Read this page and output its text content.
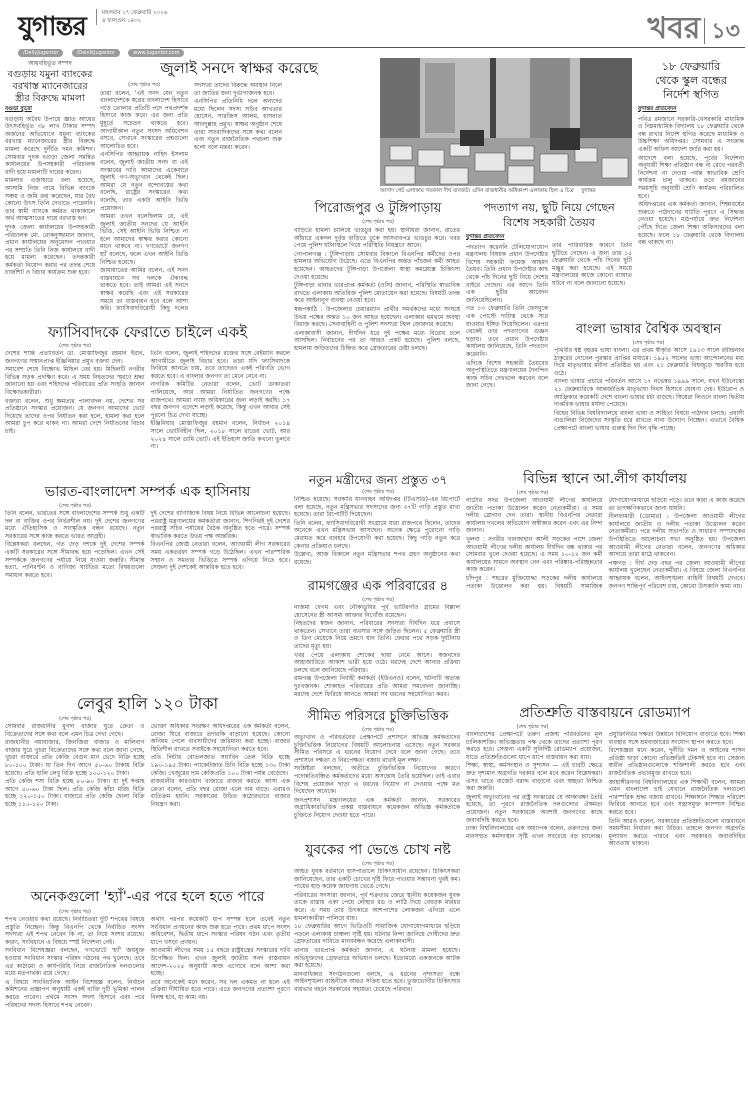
যুগান্তর	মঙ্গলবার ১৭ ফেব্রুয়ারি ২০২৬
৪ ফাল্গুন ১৪৩২
/DailyJugantor	/DainikJugantor	www.jugantor.com
খবর ১৩
আয়বহির্ভূত সম্পদ
বগুড়ায় যমুনা ব্যাংকের
বরখাস্ত ম্যানেজারের
স্ত্রীর বিরুদ্ধে মামলা
বগুড়া ব্যুরো

বগুড়ায় অবৈধ উপায়ে জ্ঞাত আয়ের উৎসবহির্ভূত ৩৮ লাখ টাকার সম্পদ অর্জনের অভিযোগে যমুনা ব্যাংকের বরখাস্ত ম্যানেজারের স্ত্রীর বিরুদ্ধে মামলা করেছে দুর্নীতি দমন কমিশন। সোমবার দুদক বগুড়া জেলা সমন্বিত কার্যালয়ের উপসহকারী পরিচালক বাদী হয়ে মামলাটি দায়ের করেন।

মামলার এজাহারে বলা হয়েছে, আসামি নিজ নামে বিভিন্ন ব্যাংকে সঞ্চয় ও জমি ক্রয় করেছেন, যার বৈধ কোনো উৎস তিনি দেখাতে পারেননি। তার স্বামী ব্যাংকে কর্মরত থাকাকালে অর্থ আত্মসাতের দায়ে বরখাস্ত হন।

দুদক জেলা কার্যালয়ের উপসহকারী পরিচালক মো. রোকনুজ্জামান জানান, প্রধান কার্যালয়ের অনুমোদন পাওয়ার পর সম্প্রতি তিনি নিজ কার্যালয়ে বাদী হয়ে মামলা করেছেন। তদন্তকারী কর্মকর্তা নিয়োগ করার পর তদন্ত শেষে চার্জশিট ও বিচার কার্যক্রম শুরু হবে।

জুলাই সনদে স্বাক্ষর করেছে
(শেষ পৃষ্ঠার পর)

তারা বলেন, 'এই সনদ যেন নতুন বাংলাদেশকে স্বপ্নের বাংলাদেশ হিসাবে গড়ে তোলার প্রতিটি পদে পথপ্রদর্শক হিসাবে কাজ করে। এর জন্য প্রতি মুহূর্তে সচেতন থাকতে হবে। আগামীকাল নতুন সংসদ অধিবেশন বসবে, সেখানে সংস্কারের প্রশ্নগুলো আলোচিত হবে।

এনসিপির আহ্বায়ক নাহিদ ইসলাম বলেন, জুলাই জাতীয় সনদ বা এই সংস্কারের দাবি আমাদের একেবারে জুলাই গণ-অভ্যুত্থান থেকেই ছিল। আমরা যে নতুন বন্দোবস্তের কথা বলেছি, রাষ্ট্রের সংস্কারের কথা বলেছি, তার একটা আইনি ভিত্তি প্রয়োজন।

আমরা তখন বলেছিলাম যে, এই জুলাই জাতীয় সনদের যে আইনি ভিত্তি, সেই আইনি ভিত্তি নিশ্চিত না হলে আমাদের স্বাক্ষর করার কোনো মানে থাকবে না। গণভোটে জনগণ হ্যাঁ বলেছে, ফলে এখন আইনি ভিত্তি নিশ্চিত হয়েছে।

জামায়াতের আমির বলেন, এই সনদ বাস্তবায়নে সব দলকে ঐক্যবদ্ধ থাকতে হবে। তাই আমরা এই সনদে স্বাক্ষর করেছি এবং এই সরকারের সময়ে তা বাস্তবায়ন হবে বলে আশা করি। ফ্যাসিবাদবিরোধী কিছু দলের সদস্যরা তাদের বিরুদ্ধে অবস্থান নিলে তা জাতির জন্য দুর্ভাগ্যজনক হবে।

এনসিপির প্রতিনিধি দলে অন্যদের মধ্যে ছিলেন সদস্য সচিব আখতার হোসেন, সারজিস আলম, হাসনাত আবদুল্লাহ প্রমুখ। স্বাক্ষর অনুষ্ঠান শেষে তারা সাংবাদিকদের সঙ্গে কথা বলেন এবং নতুন রাজনৈতিক পথচলা শুরু হলো বলে মন্তব্য করেন।

আসাদ গেট এলাকায় গতকাল দীর্ঘ যানজট। এদিন রাজধানীর অধিকাংশ এলাকায় ছিল এ চিত্র যুগান্তর
১৮ ফেব্রুয়ারি
থেকে স্কুল বন্ধের
নির্দেশ স্থগিত
যুগান্তর প্রতিবেদন

পবিত্র রমজানে সরকারি-বেসরকারি মাধ্যমিক ও নিম্নমাধ্যমিক বিদ্যালয় ১৮ ফেব্রুয়ারি থেকে বন্ধ রাখার নির্দেশ স্থগিত করেছে মাধ্যমিক ও উচ্চশিক্ষা অধিদপ্তর। সোমবার এ সংক্রান্ত একটি অফিস আদেশ জারি করা হয়।

আদেশে বলা হয়েছে, পূর্বের নির্দেশনা অনুযায়ী শিক্ষা প্রতিষ্ঠান বন্ধ না রেখে পরবর্তী নির্দেশনা না দেওয়া পর্যন্ত স্বাভাবিক শ্রেণি কার্যক্রম চালু থাকবে। তবে রমজানের সময়সূচি অনুযায়ী শ্রেণি কার্যক্রম পরিচালিত হবে।

অধিদপ্তরের এক কর্মকর্তা জানান, শিক্ষাবর্ষের শুরুতে পাঠদানের ঘাটতি পূরণে এ সিদ্ধান্ত নেওয়া হয়েছে। মাঠপর্যায়ে দ্রুত নির্দেশনা পৌঁছে দিতে জেলা শিক্ষা অফিসারদের বলা হয়েছে। ফলে ১৮ ফেব্রুয়ারি থেকে বিদ্যালয় বন্ধ থাকছে না।

পিরোজপুর ও টুঙ্গিপাড়ায়
(শেষ পৃষ্ঠার পর)

বাড়িতে হামলা চালিয়ে ভাঙচুর করা হয়। স্থানীয়রা জানান, রাতের আঁধারে একদল দুর্বৃত্ত বাড়িতে ঢুকে আসবাবপত্র ভাঙচুর করে। খবর পেয়ে পুলিশ ঘটনাস্থলে গিয়ে পরিস্থিতি নিয়ন্ত্রণে আনে।

গোপালগঞ্জ : টুঙ্গিপাড়ায় সোমবার বিকালে বিএনপির কর্মীদের ওপর হামলার অভিযোগ উঠেছে। এতে বিএনপির অন্তত পাঁচজন কর্মী আহত হয়েছেন। আহতদের টুঙ্গিপাড়া উপজেলা স্বাস্থ্য কমপ্লেক্সে চিকিৎসা দেওয়া হয়েছে।

টুঙ্গিপাড়া থানার ভারপ্রাপ্ত কর্মকর্তা (ওসি) জানান, পরিস্থিতি স্বাভাবিক রাখতে এলাকায় অতিরিক্ত পুলিশ মোতায়েন করা হয়েছে। বিষয়টি তদন্ত করে আইনানুগ ব্যবস্থা নেওয়া হবে।

স্বরূপকাঠি : উপজেলার চেয়ারম্যান প্রার্থীর সমর্থকদের মধ্যে সংঘর্ষে উভয় পক্ষের অন্তত ১০ জন আহত হয়েছেন। এলাকায় থমথমে অবস্থা বিরাজ করছে। সেনাবাহিনী ও পুলিশ সদস্যরা টহল জোরদার করেছে।

এলাকাবাসী জানান, দীর্ঘদিন ধরে দুই পক্ষের মধ্যে বিরোধ চলে আসছিল। নির্বাচনের পর তা আরও প্রকট হয়েছে। পুলিশ বলছে, হামলায় জড়িতদের চিহ্নিত করে গ্রেফতারের চেষ্টা চলছে।

পদত্যাগ নয়, ছুটি নিয়ে গেছেন
বিশেষ সহকারী তৈয়ব
যুগান্তর প্রতিবেদন

পদত্যাগ করেননি টেলিযোগাযোগ মন্ত্রণালয় বিষয়ক প্রধান উপদেষ্টার বিশেষ সহকারী ফয়েজ আহমদ তৈয়ব। তিনি প্রধান উপদেষ্টার কাছ থেকে পাঁচ দিনের ছুটি নিয়ে দেশের বাইরে গেছেন। এর আগে তিনি এক ছুটির আবেদন জানিয়েছিলেন।

গত ১৩ ফেব্রুয়ারি তিনি ফেসবুকে এক পোস্টে দায়িত্ব থেকে সরে যাওয়ার ইঙ্গিত দিয়েছিলেন। এরপর থেকেই তার পদত্যাগের গুঞ্জন ছড়ায়। তবে প্রধান উপদেষ্টার কার্যালয় জানিয়েছে, তিনি পদত্যাগ করেননি।

এদিকে বিশেষ সহকারী তৈয়বের অনুপস্থিতিতে মন্ত্রণালয়ের দৈনন্দিন কাজ সচিব দেখভাল করবেন বলে জানা গেছে।

তার পারিবারিক কারণে তিনি ছুটিতে গেছেন। এ জন্য তার ১৫ ফেব্রুয়ারি থেকে পাঁচ দিনের ছুটি মঞ্জুর করা হয়েছে। এই সময়ে মন্ত্রণালয়ের কাজে কোনো ব্যাঘাত ঘটবে না বলে জানানো হয়েছে।

ফ্যাসিবাদকে ফেরাতে চাইলে একই
(শেষ পৃষ্ঠার পর)

দেশের শান্তি প্রত্যাবর্তন ডা. মোস্তাফিজুর রহমান ইরান, জনগণের সম্মানপ্রাপ্ত ইঞ্জিনিয়ার প্রমুখ বক্তব্য দেন।

সমাবেশ শেষে বিক্ষোভ মিছিল বের হয়। মিছিলটি নগরীর বিভিন্ন সড়ক প্রদক্ষিণ করে। এ সময় নিহতদের স্মরণে শ্রদ্ধা জানানো হয় এবং শহিদদের পরিবারের প্রতি সংহতি জানান বিক্ষোভকারীরা।

বক্তারা বলেন, শুধু ক্ষমতার পালাবদল নয়, দেশের সব প্রতিষ্ঠানে সংস্কার প্রয়োজন। যে জনগণ আমাদের ভোট দিয়েছে তাদের ওপর নির্যাতন করা হলে, হামলা করা হলে আমরা চুপ করে থাকব না। আমরা দেশে নির্যাতনের বিচার চাই।

তিনি বলেন, জুলাই শহিদদের রক্তের সঙ্গে বেইমানি করলে আগামীতে জুলাই বিচার হবে। তারা যদি ফ্যাসিবাদকে ফিরিয়ে আনতে চায়, তবে তাদেরও একই পরিণতি ভোগ করতে হবে। এ বাংলার জনগণ তা মেনে নেবে না।

নাগরিক কমিটির নেতারা বলেন, ভোট ডাকাতরা পালিয়েছে, আর আমরা নির্যাতিত জনগণের পক্ষে রাজপথে। আমরা ন্যায্য অধিকারের জন্য লড়াই করছি। ১৭ বছর জনগণ এদেশে লড়াই করেছে, কিন্তু এখন আবার সেই পুরনো চিত্র দেখা যাচ্ছে।

ইঞ্জিনিয়ার মোস্তাফিজুর রহমান বলেন, নির্বাচন ২০১৪ সালে ভোটবিহীন ছিল, ২০১৮ সালে রাতের ভোট, আর ২০২৪ সালে ডামি ভোট। এই ইতিহাস জাতি কখনো ভুলবে না।

বাংলা ভাষার বৈশ্বিক অবস্থান
(শেষ পৃষ্ঠার পর)

পৃথিবীর ষষ্ঠ বৃহত্তম ভাষা বাংলা। এর প্রথম স্বীকৃতি আসে ১৯১৩ সালে রবীন্দ্রনাথ ঠাকুরের নোবেল পুরস্কার প্রাপ্তির মাধ্যমে। ১৯৫২ সালের ভাষা আন্দোলনের মধ্য দিয়ে মাতৃভাষার মর্যাদা প্রতিষ্ঠিত হয় এবং ২১ ফেব্রুয়ারি বিশ্বজুড়ে স্মরণীয় হয়ে ওঠে।

বাংলা ভাষার প্রচারে পরিবর্তন আসে ১৭ নভেম্বর ১৯৯৯ সালে, যখন ইউনেস্কো ২১ ফেব্রুয়ারিকে আন্তর্জাতিক মাতৃভাষা দিবস হিসাবে ঘোষণা দেয়। ইউরোপ ও আফ্রিকার কয়েকটি দেশে বাংলা ভাষার চর্চা বাড়ছে। সিয়েরা লিওনে বাংলা দ্বিতীয় দাপ্তরিক ভাষার মর্যাদা পেয়েছে।

বিশ্বের বিভিন্ন বিশ্ববিদ্যালয়ে বাংলা ভাষা ও সাহিত্য বিষয়ে পাঠদান চলছে। প্রবাসী বাঙালিরা নিজেদের সংস্কৃতি ধরে রাখতে নানা উদ্যোগ নিচ্ছেন। এভাবে বৈশ্বিক প্রেক্ষাপটে বাংলা ভাষার গুরুত্ব দিন দিন বৃদ্ধি পাচ্ছে।

নতুন মন্ত্রীদের জন্য প্রস্তুত ৩৭
(শেষ পৃষ্ঠার পর)

নিশ্চিত হয়েছে। সরকারি যানবাহন অধিদপ্তর (টিএসডি)-এর রিপোর্টে বলা হয়েছে, নতুন মন্ত্রিসভার সদস্যদের জন্য ৩৭টি গাড়ি প্রস্তুত রাখা হয়েছে। তারা রিপোর্টটি দিয়েছেন।

তিনি বলেন, ফ্যাসিবাদবিরোধী সংগ্রামে যারা রাজপথে ছিলেন, তাদের অনেকে এখন মন্ত্রিসভায় আসছেন। অনেক ক্ষেত্রে পুরোনো গাড়ি মেরামত করে ব্যবহার উপযোগী করা হয়েছে। কিছু গাড়ি নতুন করে কেনার প্রক্রিয়াও চলছে।

উল্লেখ্য, আজ বিকালে নতুন মন্ত্রিসভার শপথ গ্রহণ অনুষ্ঠানের কথা রয়েছে।

বিভিন্ন স্থানে আ.লীগ কার্যালয়
(শেষ পৃষ্ঠার পর)

নাটোর সদর উপজেলা আওয়ামী লীগের কার্যালয়ে জাতীয় পতাকা উত্তোলন করেন নেতাকর্মীরা। এ সময় দলীয় স্লোগান দেন তারা। স্থানীয় বিএনপির নেতারা কার্যালয় দখলের অভিযোগ অস্বীকার করেন এবং এর নিন্দা জানান।

খুলনা : নগরীর খানজাহান আলী সড়কের পাশে জেলা আওয়ামী লীগের দলীয় কার্যালয় দীর্ঘদিন বন্ধ থাকার পর সোমবার খুলে দেওয়া হয়েছে। এ সময় ১০-১২ জন কর্মী কার্যালয়ের সামনে অবস্থান নেন এবং পরিষ্কার-পরিচ্ছন্নতার কাজ করেন।

চাঁদপুর : শহরের মুক্তিযোদ্ধা সড়কের দলীয় কার্যালয়ে পতাকা উত্তোলন করা হয়। বিষয়টি সামাজিক যোগাযোগমাধ্যমে ছড়িয়ে পড়ে। তবে কারা এ কাজ করেছে তা তাৎক্ষণিকভাবে জানা যায়নি।

নীলফামারী (ডোমার) : উপজেলা আওয়ামী লীগের কার্যালয়ে জাতীয় ও দলীয় পতাকা উত্তোলন করেন নেতাকর্মীরা। পরে দলীয় সভাপতি ও সাধারণ সম্পাদকের উপস্থিতিতে আলোচনা সভা অনুষ্ঠিত হয়। উপজেলা আওয়ামী লীগের নেতারা বলেন, জনগণের অধিকার আদায়ে তারা মাঠে থাকবেন।

পঞ্চগড় : দীর্ঘ দেড় বছর পর জেলা আওয়ামী লীগের কার্যালয় খুলেছেন নেতাকর্মীরা। এ বিষয়ে জেলা বিএনপির আহ্বায়ক বলেন, আইনশৃঙ্খলা বাহিনী বিষয়টি দেখবে। জনগণ শান্তিপূর্ণ পরিবেশ চায়, কোনো উসকানি কাম্য নয়।

ভারত-বাংলাদেশ সম্পর্ক এক হাসিনায়
(শেষ পৃষ্ঠার পর)

তিনি বলেন, ভারতের সঙ্গে বাংলাদেশের সম্পর্ক শুধু একটি দল বা ব্যক্তির ওপর নির্ভরশীল নয়। দুই দেশের জনগণের মধ্যে ঐতিহাসিক ও সাংস্কৃতিক বন্ধন রয়েছে। নতুন সরকারের সঙ্গে কাজ করতে ভারত আগ্রহী।

বিশ্লেষকরা বলছেন, গত দেড় দশকে দুই দেশের সম্পর্ক একটি সরকারের সঙ্গে সীমাবদ্ধ হয়ে পড়েছিল। এখন সেই সম্পর্ককে জনগণের পর্যায়ে নিয়ে যাওয়া জরুরি। সীমান্ত হত্যা, পানিবণ্টন ও বাণিজ্য ঘাটতির মতো বিষয়গুলো সমাধান করতে হবে।

দুই দেশের বাণিজ্যিক বিষয় নিয়ে বিভিন্ন আলোচনা হয়েছে। পররাষ্ট্র মন্ত্রণালয়ের কর্মকর্তারা জানান, শিগগিরই দুই দেশের পররাষ্ট্র সচিব পর্যায়ের বৈঠক অনুষ্ঠিত হতে পারে। সম্পর্ক স্বাভাবিক করতে উভয় পক্ষ আন্তরিক।

বিএনপির জ্যেষ্ঠ নেতারা বলেন, আওয়ামী লীগ সরকারের সময় একতরফা সম্পর্ক গড়ে উঠেছিল। এখন পারস্পরিক সম্মান ও সমতার ভিত্তিতে সম্পর্ক এগিয়ে নিতে হবে। সেজন্য দুই দেশকেই আন্তরিক হতে হবে।

রামগঞ্জের এক পরিবারের ৪
(শেষ পৃষ্ঠার পর)

নাজমা বেগম এবং নৌকাডুবির পূর্ব ভাটিরগাঁও গ্রামের বিল্লাল হোসেনের স্ত্রী আসমা আক্তার নিখোঁজ রয়েছেন।

নিহতদের স্বজন জানান, পরিবারের সদস্যরা দীর্ঘদিন ধরে প্রবাসে থাকতেন। সেখানে তারা ব্যবসার সঙ্গে জড়িত ছিলেন। ৫ ফেব্রুয়ারি স্ত্রী ও তিন মেয়েকে নিয়ে ভ্রমণে যান তিনি। ফেরার পথে সড়ক দুর্ঘটনায় তাদের মৃত্যু হয়।

খবর পেয়ে এলাকায় শোকের ছায়া নেমে আসে। স্বজনদের আহাজারিতে আকাশ ভারী হয়ে ওঠে। মরদেহ দেশে আনার প্রক্রিয়া চলছে বলে জানিয়েছে পরিবার।

রামগঞ্জ উপজেলা নির্বাহী কর্মকর্তা (ইউএনও) বলেন, ঘটনাটি অত্যন্ত দুঃখজনক। শোকাহত পরিবারের প্রতি আমরা সমবেদনা জানাচ্ছি। মরদেহ দেশে ফিরিয়ে আনতে আমরা সব ধরনের সহযোগিতা করব।

লেবুর হালি ১২০ টাকা
(শেষ পৃষ্ঠার পর)

সোমবার রাজধানীর মুগদা বাজার ঘুরে ক্রেতা ও বিক্রেতাদের সঙ্গে কথা বলে এমন চিত্র দেখা গেছে।

রাজধানীর নয়াবাজার, জিনজিরা বাজার ও মালিবাগ বাজার ঘুরে খুচরা বিক্রেতাদের সঙ্গে কথা বলে জানা গেছে, খুচরা বাজারে প্রতি কেজি বেগুন মান ভেদে বিক্রি হচ্ছে ৮০-১০০ টাকা। যা তিন দিন আগে ৫০-৬০ টাকায় বিক্রি হয়েছে। প্রতি হালি লেবু বিক্রি হচ্ছে ১০০-১২০ টাকা।

প্রতি কেজি শসা বিক্রি হচ্ছে ৮০-৯০ টাকা। যা দুই সপ্তাহ আগে ৫০-৬০ টাকা ছিল। প্রতি কেজি কাঁচা মরিচ বিক্রি হচ্ছে ১২০-১৫০ টাকা। বাজারে প্রতি কেজি ছোলা বিক্রি হচ্ছে ১১০-১২০ টাকা।

ভোক্তা অধিকার সংরক্ষণ অধিদপ্তরের এক কর্মকর্তা বলেন, রোজা ঘিরে বাজারে তদারকি বাড়ানো হয়েছে। কোনো অনিয়ম পেলে ব্যবসায়ীদের জরিমানা করা হচ্ছে। বাজার স্থিতিশীল রাখতে সবাইকে সহযোগিতা করতে হবে।

প্রতি লিটার বোতলজাত সয়াবিন তেল বিক্রি হচ্ছে ১৯০-১৯৫ টাকা। প্যাকেটজাত চিনি বিক্রি হচ্ছে ১৩০ টাকা কেজি। খেজুরের দাম কেজিপ্রতি ১০০ টাকা পর্যন্ত বেড়েছে।

রাজধানীর কারওয়ান বাজারে বাজার করতে আসা এক ক্রেতা বলেন, প্রতি বছর রোজা এলে দাম বাড়ে। এবারও ব্যতিক্রম হয়নি। সরকারের উচিত কঠোরভাবে বাজার নিয়ন্ত্রণ করা।

সীমিত পরিসরে চুক্তিভিত্তিক
(শেষ পৃষ্ঠার পর)

অভ্যুত্থান ও পরিবর্তনের প্রেক্ষাপটে প্রশাসনে অভিজ্ঞ কর্মকর্তাদের চুক্তিভিত্তিক নিয়োগের বিষয়টি আলোচনায় এসেছে। নতুন সরকার সীমিত পরিসরে এ ধরনের নিয়োগ দেবে বলে জানা গেছে। তবে প্রশাসনে দক্ষতা ও নিরপেক্ষতা বজায় রাখাই মূল লক্ষ্য।

সংশ্লিষ্টরা বলছেন, অতীতে চুক্তিভিত্তিক নিয়োগের কারণে পদোন্নতিবঞ্চিত কর্মকর্তাদের মধ্যে অসন্তোষ তৈরি হয়েছিল। তাই এবার বিশেষ প্রয়োজন ছাড়া এ ধরনের নিয়োগ না দেওয়ার পক্ষে মত দিয়েছেন অনেকে।

জনপ্রশাসন মন্ত্রণালয়ের এক কর্মকর্তা জানান, সরকারের অগ্রাধিকারভিত্তিক প্রকল্প বাস্তবায়নে কয়েকজন অভিজ্ঞ কর্মকর্তাকে চুক্তিতে নিয়োগ দেওয়া হতে পারে।

প্রতিশ্রুতি বাস্তবায়নে রোডম্যাপ
(শেষ পৃষ্ঠার পর)

বাংলাদেশের প্রেক্ষাপটে তরুণ প্রজন্ম পরিবর্তনের মূল চালিকাশক্তি। অভিজ্ঞতার পক্ষ থেকে তাদের প্রত্যাশা পূরণ করতে হবে। সেজন্য একটি সুনির্দিষ্ট রোডম্যাপ প্রয়োজন, যাতে প্রতিশ্রুতিগুলো ধাপে ধাপে বাস্তবায়ন করা যায়।

শিক্ষা, স্বাস্থ্য, কর্মসংস্থান ও সুশাসন — এই চারটি ক্ষেত্রে দ্রুত দৃশ্যমান অগ্রগতি দরকার বলে মনে করেন বিশ্লেষকরা। এসব খাতে বাজেট বরাদ্দ বাড়ানো এবং স্বচ্ছতা নিশ্চিত করা জরুরি।

জুলাই অভ্যুত্থানের পর রাষ্ট্র সংস্কারের যে আকাঙ্ক্ষা তৈরি হয়েছে, তা পূরণে রাজনৈতিক দলগুলোর ঐকমত্য প্রয়োজন। নতুন সরকারকে অবশ্যই জনগণের কাছে জবাবদিহি করতে হবে।

ঢাকা বিশ্ববিদ্যালয়ের এক অধ্যাপক বলেন, তরুণদের জন্য মানসম্মত কর্মসংস্থান সৃষ্টি এখন সবচেয়ে বড় চ্যালেঞ্জ। প্রযুক্তিনির্ভর দক্ষতা উন্নয়নে বিনিয়োগ বাড়াতে হবে। শিক্ষা ব্যবস্থার সঙ্গে শ্রমবাজারের সংযোগ স্থাপন করতে হবে।

বিশেষজ্ঞরা মনে করেন, দুর্নীতি দমন ও আইনের শাসন প্রতিষ্ঠা ছাড়া কোনো প্রতিশ্রুতিই টেকসই হবে না। সেজন্য স্বাধীন প্রতিষ্ঠানগুলোকে শক্তিশালী করতে হবে এবং রাজনৈতিক প্রভাবমুক্ত রাখতে হবে।

জাহাঙ্গীরনগর বিশ্ববিদ্যালয়ের এক শিক্ষার্থী বলেন, আমরা এমন বাংলাদেশ চাই যেখানে রাজনৈতিক দলগুলো পারস্পরিক শ্রদ্ধা বজায় রাখবে। শিক্ষাঙ্গনে শিক্ষার পরিবেশ ফিরিয়ে আনতে হবে এবং সন্ত্রাসমুক্ত ক্যাম্পাস নিশ্চিত করতে হবে।

তিনি আরও বলেন, সরকারের প্রতিশ্রুতিগুলো বাস্তবায়নে সময়সীমা নির্ধারণ করা উচিত। তাহলে জনগণ অগ্রগতি মূল্যায়ন করতে পারবে এবং সরকারও জবাবদিহির আওতায় থাকবে।

যুবকের পা ভেঙে চোখ নষ্ট
(শেষ পৃষ্ঠার পর)

আহত যুবক বর্তমানে হাসপাতালে চিকিৎসাধীন রয়েছেন। চিকিৎসকরা জানিয়েছেন, তার একটি চোখের দৃষ্টি ফিরে পাওয়ার সম্ভাবনা খুবই কম। পায়ের হাড় কয়েক জায়গায় ভেঙে গেছে।

পরিবারের সদস্যরা জানান, পূর্ব শত্রুতার জেরে স্থানীয় কয়েকজন যুবক তাকে রাস্তায় একা পেয়ে লোহার রড ও লাঠি দিয়ে বেধড়ক মারধর করে। এ সময় তার চিৎকারে আশপাশের লোকজন এগিয়ে এলে হামলাকারীরা পালিয়ে যায়।

১৮ ফেব্রুয়ারির আগে ভিডিওটি সামাজিক যোগাযোগমাধ্যমে ছড়িয়ে পড়লে এলাকায় চাঞ্চল্য সৃষ্টি হয়। ঘটনার নিন্দা জানিয়ে দোষীদের দ্রুত গ্রেফতারের দাবিতে মানববন্ধন করেছে এলাকাবাসী।

থানার ভারপ্রাপ্ত কর্মকর্তা জানান, এ ঘটনায় মামলা হয়েছে। অভিযুক্তদের গ্রেফতারে অভিযান চলছে। ইতোমধ্যে একজনকে আটক করা হয়েছে।

মানবাধিকার সংগঠনগুলো বলছে, এ ধরনের নৃশংসতা বন্ধে আইনশৃঙ্খলা বাহিনীকে আরও সক্রিয় হতে হবে। ভুক্তভোগীর চিকিৎসার ব্যয়ভার বহনে সরকারের সহায়তা চেয়েছে পরিবার।

অনেকগুলো 'হ্যাঁ'-এর পরে হলে হতে পারে
(শেষ পৃষ্ঠার পর)

শপথ নেওয়ার কথা রয়েছে। নির্বাচিতরা দুটি শপথের বিষয়ে প্রস্তুতি নিচ্ছেন। কিন্তু বিএনপি থেকে নির্বাচিত সংসদ সদস্যরা এই শপথ নেবেন কি না, তা নিয়ে সংশয় রয়েছে। কারণ, সংবিধানে এ বিষয়ে স্পষ্ট নির্দেশনা নেই।

সংবিধান বিশেষজ্ঞরা বলছেন, গণভোটে 'হ্যাঁ' জয়যুক্ত হওয়ায় সংবিধান সংস্কার পরিষদ গঠনের পথ খুলেছে। তবে এর কাঠামো ও কার্যপরিধি নিয়ে রাজনৈতিক দলগুলোর মধ্যে মতপার্থক্য রয়ে গেছে।

এ বিষয়ে সাংবিধানিক আইন বিশেষজ্ঞ বলেন, নির্বাচন কমিশনের প্রজ্ঞাপন অনুযায়ী একই ব্যক্তি দুটি ভূমিকা পালন করতে পারেন। প্রথমে সংসদ সদস্য হিসাবে এবং পরে পরিষদের সদস্য হিসাবে শপথ নেবেন।

অর্থাৎ পরপর কয়েকটি ধাপ সম্পন্ন হলে তবেই নতুন সংবিধান প্রণয়নের কাজ শুরু হতে পারে। প্রথম ধাপে সংসদ অধিবেশন, দ্বিতীয় ধাপে সংস্কার পরিষদ গঠন এবং তৃতীয় ধাপে খসড়া প্রণয়ন।

আওয়ামী লীগের সময় ১৫ বছরে রাষ্ট্রযন্ত্রের সংস্কারের দাবি উপেক্ষিত ছিল। এখন জুলাই জাতীয় সনদ বাস্তবায়ন আদেশ-২০২৫ অনুযায়ী কাজ এগোবে বলে আশা করা হচ্ছে।

তবে অনেকেই মনে করেন, সব দল একমত না হলে এই প্রক্রিয়া দীর্ঘায়িত হতে পারে। এতে জনগণের প্রত্যাশা পূরণে বিলম্ব হবে, যা কাম্য নয়।
